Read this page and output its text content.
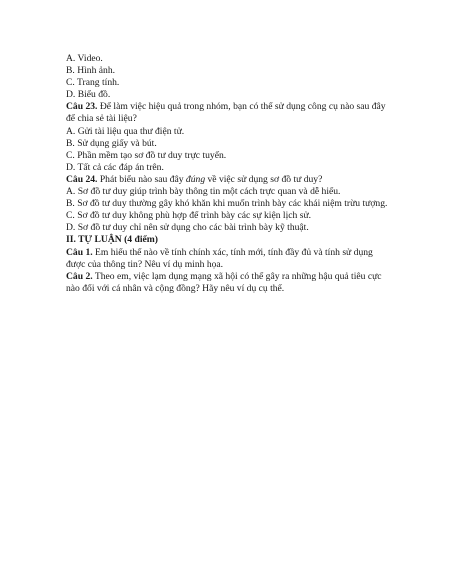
A. Video.
B. Hình ảnh.
C. Trang tính.
D. Biểu đồ.
Câu 23. Để làm việc hiệu quả trong nhóm, bạn có thể sử dụng công cụ nào sau đây để chia sẻ tài liệu?
A. Gửi tài liệu qua thư điện tử.
B. Sử dụng giấy và bút.
C. Phần mềm tạo sơ đồ tư duy trực tuyến.
D. Tất cả các đáp án trên.
Câu 24. Phát biểu nào sau đây đúng về việc sử dụng sơ đồ tư duy?
A. Sơ đồ tư duy giúp trình bày thông tin một cách trực quan và dễ hiểu.
B. Sơ đồ tư duy thường gây khó khăn khi muốn trình bày các khái niệm trừu tượng.
C. Sơ đồ tư duy không phù hợp để trình bày các sự kiện lịch sử.
D. Sơ đồ tư duy chỉ nên sử dụng cho các bài trình bày kỹ thuật.
II. TỰ LUẬN (4 điểm)
Câu 1. Em hiểu thế nào về tính chính xác, tính mới, tính đầy đủ và tính sử dụng được của thông tin? Nêu ví dụ minh họa.
Câu 2. Theo em, việc lạm dụng mạng xã hội có thể gây ra những hậu quả tiêu cực nào đối với cá nhân và cộng đồng? Hãy nêu ví dụ cụ thể.
